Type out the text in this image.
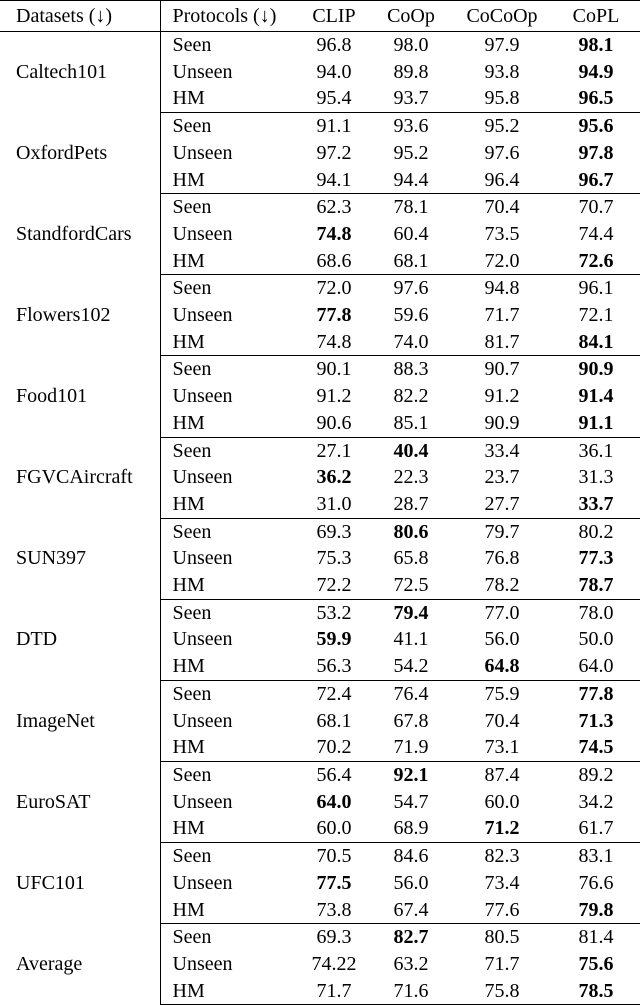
Datasets (↓)	Protocols (↓)	CLIP	CoOp	CoCoOp	CoPL
Caltech101	Seen	96.8	98.0	97.9	98.1
	Unseen	94.0	89.8	93.8	94.9
	HM	95.4	93.7	95.8	96.5
OxfordPets	Seen	91.1	93.6	95.2	95.6
	Unseen	97.2	95.2	97.6	97.8
	HM	94.1	94.4	96.4	96.7
StandfordCars	Seen	62.3	78.1	70.4	70.7
	Unseen	74.8	60.4	73.5	74.4
	HM	68.6	68.1	72.0	72.6
Flowers102	Seen	72.0	97.6	94.8	96.1
	Unseen	77.8	59.6	71.7	72.1
	HM	74.8	74.0	81.7	84.1
Food101	Seen	90.1	88.3	90.7	90.9
	Unseen	91.2	82.2	91.2	91.4
	HM	90.6	85.1	90.9	91.1
FGVCAircraft	Seen	27.1	40.4	33.4	36.1
	Unseen	36.2	22.3	23.7	31.3
	HM	31.0	28.7	27.7	33.7
SUN397	Seen	69.3	80.6	79.7	80.2
	Unseen	75.3	65.8	76.8	77.3
	HM	72.2	72.5	78.2	78.7
DTD	Seen	53.2	79.4	77.0	78.0
	Unseen	59.9	41.1	56.0	50.0
	HM	56.3	54.2	64.8	64.0
ImageNet	Seen	72.4	76.4	75.9	77.8
	Unseen	68.1	67.8	70.4	71.3
	HM	70.2	71.9	73.1	74.5
EuroSAT	Seen	56.4	92.1	87.4	89.2
	Unseen	64.0	54.7	60.0	34.2
	HM	60.0	68.9	71.2	61.7
UFC101	Seen	70.5	84.6	82.3	83.1
	Unseen	77.5	56.0	73.4	76.6
	HM	73.8	67.4	77.6	79.8
Average	Seen	69.3	82.7	80.5	81.4
	Unseen	74.22	63.2	71.7	75.6
	HM	71.7	71.6	75.8	78.5
